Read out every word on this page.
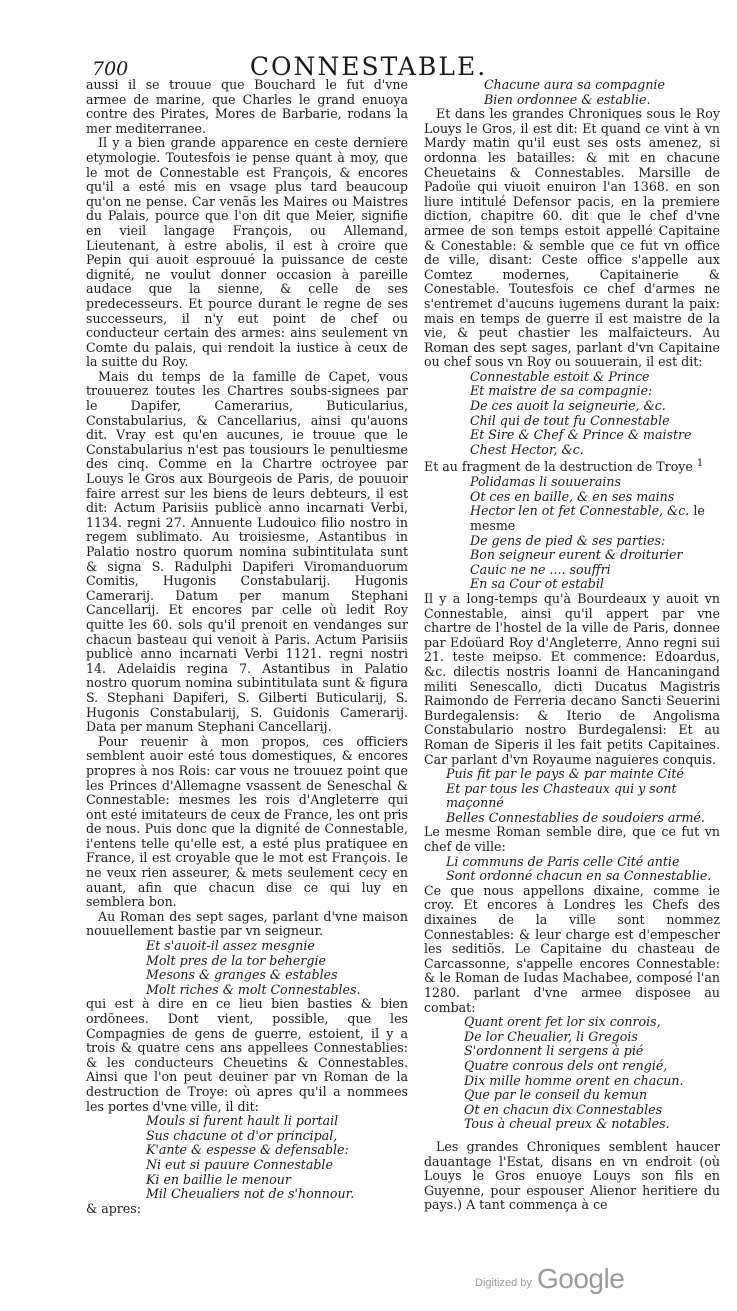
700	CONNESTABLE.

aussi il se trouue que Bouchard le fut d'vne armee de marine, que Charles le grand enuoya contre des Pirates, Mores de Barbarie, rodans la mer mediterranee.

Il y a bien grande apparence en ceste derniere etymologie. Toutesfois ie pense quant à moy, que le mot de Connestable est François, & encores qu'il a esté mis en vsage plus tard beaucoup qu'on ne pense. Car venãs les Maires ou Maistres du Palais, pource que l'on dit que Meier, signifie en vieil langage François, ou Allemand, Lieutenant, à estre abolis, il est à croire que Pepin qui auoit esprouué la puissance de ceste dignité, ne voulut donner occasion à pareille audace que la sienne, & celle de ses predecesseurs. Et pource durant le regne de ses successeurs, il n'y eut point de chef ou conducteur certain des armes: ains seulement vn Comte du palais, qui rendoit la iustice à ceux de la suitte du Roy.

Mais du temps de la famille de Capet, vous trouuerez toutes les Chartres soubs-signees par le Dapifer, Camerarius, Buticularius, Constabularius, & Cancellarius, ainsi qu'auons dit. Vray est qu'en aucunes, ie trouue que le Constabularius n'est pas tousiours le penultiesme des cinq. Comme en la Chartre octroyee par Louys le Gros aux Bourgeois de Paris, de pouuoir faire arrest sur les biens de leurs debteurs, il est dit: Actum Parisiis publicè anno incarnati Verbi, 1134. regni 27. Annuente Ludouico filio nostro in regem sublimato. Au troisiesme, Astantibus in Palatio nostro quorum nomina subintitulata sunt & signa S. Radulphi Dapiferi Viromanduorum Comitis, Hugonis Constabularij. Hugonis Camerarij. Datum per manum Stephani Cancellarij. Et encores par celle où ledit Roy quitte les 60. sols qu'il prenoit en vendanges sur chacun basteau qui venoit à Paris. Actum Parisiis publicè anno incarnati Verbi 1121. regni nostri 14. Adelaidis regina 7. Astantibus in Palatio nostro quorum nomina subintitulata sunt & figura S. Stephani Dapiferi, S. Gilberti Buticularij, S. Hugonis Constabularij, S. Guidonis Camerarij. Data per manum Stephani Cancellarij.

Pour reuenir à mon propos, ces officiers semblent auoir esté tous domestiques, & encores propres à nos Rois: car vous ne trouuez point que les Princes d'Allemagne vsassent de Seneschal & Connestable: mesmes les rois d'Angleterre qui ont esté imitateurs de ceux de France, les ont pris de nous. Puis donc que la dignité de Connestable, i'entens telle qu'elle est, a esté plus pratiquee en France, il est croyable que le mot est François. Ie ne veux rien asseurer, & mets seulement cecy en auant, afin que chacun dise ce qui luy en semblera bon.

Au Roman des sept sages, parlant d'vne maison nouuellement bastie par vn seigneur.

Et s'auoit-il assez mesgnie
Molt pres de la tor behergie
Mesons & granges & estables
Molt riches & molt Connestables.

qui est à dire en ce lieu bien basties & bien ordõnees. Dont vient, possible, que les Compagnies de gens de guerre, estoient, il y a trois & quatre cens ans appellees Connestablies: & les conducteurs Cheuetins & Connestables. Ainsi que l'on peut deuiner par vn Roman de la destruction de Troye: où apres qu'il a nommees les portes d'vne ville, il dit:

Mouls si furent hault li portail
Sus chacune ot d'or principal,
K'ante & espesse & defensable:
Ni eut si pauure Connestable
Ki en baillie le menour
Mil Cheualiers not de s'honnour.

& apres:

Chacune aura sa compagnie
Bien ordonnee & establie.

Et dans les grandes Chroniques sous le Roy Louys le Gros, il est dit: Et quand ce vint à vn Mardy matin qu'il eust ses osts amenez, si ordonna les batailles: & mit en chacune Cheuetains & Connestables. Marsille de Padoüe qui viuoit enuiron l'an 1368. en son liure intitulé Defensor pacis, en la premiere diction, chapitre 60. dit que le chef d'vne armee de son temps estoit appellé Capitaine & Conestable: & semble que ce fut vn office de ville, disant: Ceste office s'appelle aux Comtez modernes, Capitainerie & Conestable. Toutesfois ce chef d'armes ne s'entremet d'aucuns iugemens durant la paix: mais en temps de guerre il est maistre de la vie, & peut chastier les malfaicteurs. Au Roman des sept sages, parlant d'vn Capitaine ou chef sous vn Roy ou souuerain, il est dit:

Connestable estoit & Prince
Et maistre de sa compagnie:
De ces auoit la seigneurie, &c.
Chil qui de tout fu Connestable
Et Sire & Chef & Prince & maistre
Chest Hector, &c.

Et au fragment de la destruction de Troye $^1$

Polidamas li souuerains
Ot ces en baille, & en ses mains
Hector len ot fet Connestable, &c. le mesme
De gens de pied & ses parties:
Bon seigneur eurent & droiturier
Cauic ne ne .... souffri
En sa Cour ot estabil

Il y a long-temps qu'à Bourdeaux y auoit vn Connestable, ainsi qu'il appert par vne chartre de l'hostel de la ville de Paris, donnee par Edoüard Roy d'Angleterre, Anno regni sui 21. teste meipso. Et commence: Edoardus, &c. dilectis nostris Ioanni de Hancaningand militi Senescallo, dicti Ducatus Magistris Raimondo de Ferreria decano Sancti Seuerini Burdegalensis: & Iterio de Angolisma Constabulario nostro Burdegalensi: Et au Roman de Siperis il les fait petits Capitaines. Car parlant d'vn Royaume naguieres conquis.

Puis fit par le pays & par mainte Cité
Et par tous les Chasteaux qui y sont maçonné
Belles Connestablies de soudoiers armé.

Le mesme Roman semble dire, que ce fut vn chef de ville:

Li communs de Paris celle Cité antie
Sont ordonné chacun en sa Connestablie.

Ce que nous appellons dixaine, comme ie croy. Et encores à Londres les Chefs des dixaines de la ville sont nommez Connestables: & leur charge est d'empescher les seditiõs. Le Capitaine du chasteau de Carcassonne, s'appelle encores Connestable: & le Roman de Iudas Machabee, composé l'an 1280. parlant d'vne armee disposee au combat:

Quant orent fet lor six conrois,
De lor Cheualier, li Gregois
S'ordonnent li sergens à pié
Quatre conrous dels ont rengié,
Dix mille homme orent en chacun.
Que par le conseil du kemun
Ot en chacun dix Connestables
Tous à cheual preux & notables.

Les grandes Chroniques semblent haucer dauantage l'Estat, disans en vn endroit (où Louys le Gros enuoye Louys son fils en Guyenne, pour espouser Alienor heritiere du pays.) A tant commença à ce

Digitized by Google
